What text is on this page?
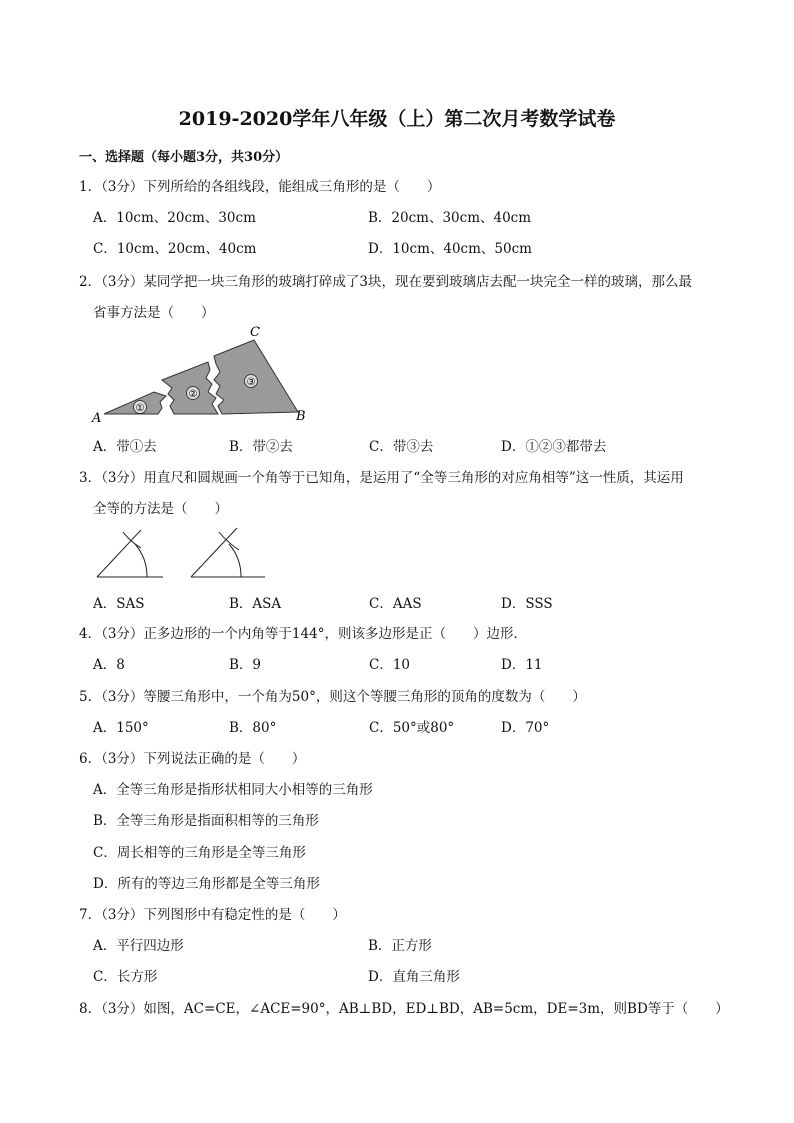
2019-2020学年八年级（上）第二次月考数学试卷
一、选择题（每小题3分，共30分）
1．（3分）下列所给的各组线段，能组成三角形的是（　　）
A．10cm、20cm、30cm	B．20cm、30cm、40cm
C．10cm、20cm、40cm	D．10cm、40cm、50cm
2．（3分）某同学把一块三角形的玻璃打碎成了3块，现在要到玻璃店去配一块完全一样的玻璃，那么最
省事方法是（　　）
①
②
③
A	B
C
A．带①去	B．带②去	C．带③去	D．①②③都带去
3．（3分）用直尺和圆规画一个角等于已知角，是运用了“全等三角形的对应角相等”这一性质，其运用
全等的方法是（　　）
A．SAS	B．ASA	C．AAS	D．SSS
4．（3分）正多边形的一个内角等于144°，则该多边形是正（　　）边形．
A．8	B．9	C．10	D．11
5．（3分）等腰三角形中，一个角为50°，则这个等腰三角形的顶角的度数为（　　）
A．150°	B．80°	C．50°或80°	D．70°
6．（3分）下列说法正确的是（　　）
A．全等三角形是指形状相同大小相等的三角形
B．全等三角形是指面积相等的三角形
C．周长相等的三角形是全等三角形
D．所有的等边三角形都是全等三角形
7．（3分）下列图形中有稳定性的是（　　）
A．平行四边形	B．正方形
C．长方形	D．直角三角形
8．（3分）如图，AC=CE，∠ACE=90°，AB⊥BD，ED⊥BD，AB=5cm，DE=3m，则BD等于（　　）
